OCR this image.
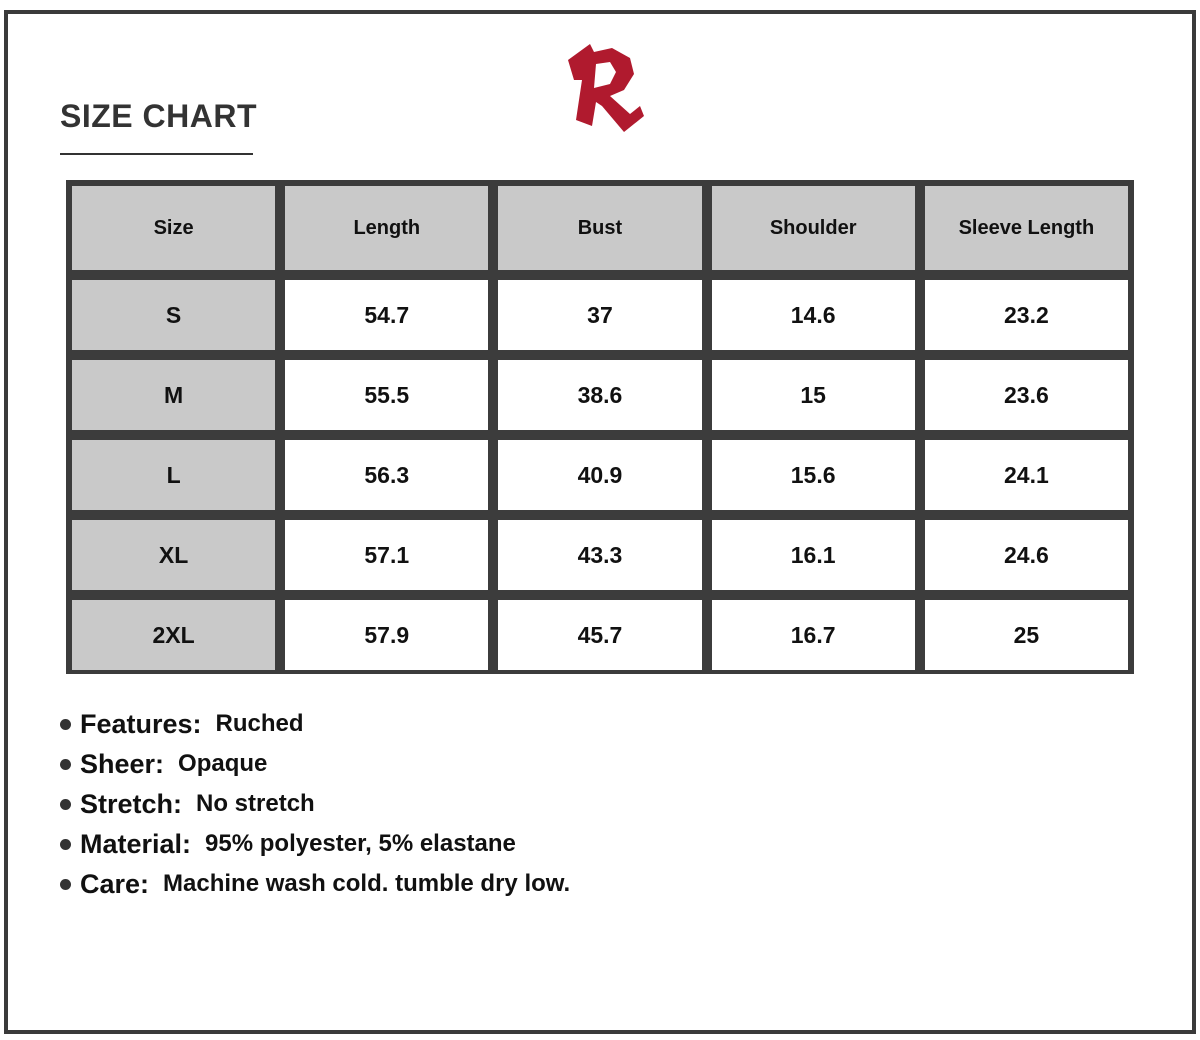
SIZE CHART
Size	Length	Bust	Shoulder	Sleeve Length
S	54.7	37	14.6	23.2
M	55.5	38.6	15	23.6
L	56.3	40.9	15.6	24.1
XL	57.1	43.3	16.1	24.6
2XL	57.9	45.7	16.7	25
Features: Ruched
Sheer: Opaque
Stretch: No stretch
Material: 95% polyester, 5% elastane
Care: Machine wash cold. tumble dry low.
